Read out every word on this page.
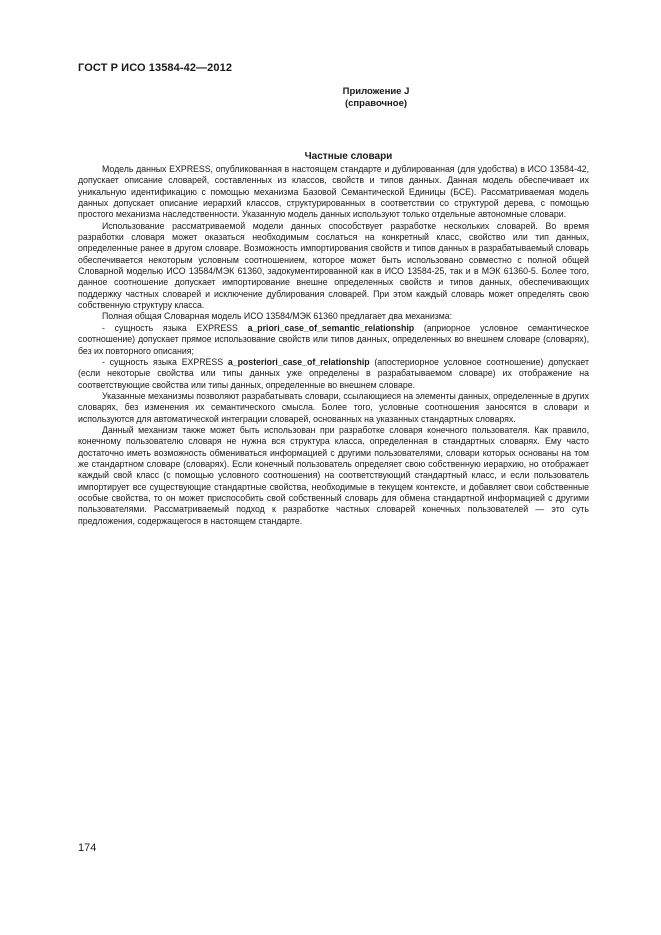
ГОСТ Р ИСО 13584-42—2012

Приложение J
(справочное)

Частные словари

Модель данных EXPRESS, опубликованная в настоящем стандарте и дублированная (для удобства) в ИСО 13584-42, допускает описание словарей, составленных из классов, свойств и типов данных. Данная модель обеспечивает их уникальную идентификацию с помощью механизма Базовой Семантической Единицы (БСЕ). Рассматриваемая модель данных допускает описание иерархий классов, структурированных в соответствии со структурой дерева, с помощью простого механизма наследственности. Указанную модель данных используют только отдельные автономные словари.

Использование рассматриваемой модели данных способствует разработке нескольких словарей. Во время разработки словаря может оказаться необходимым сослаться на конкретный класс, свойство или тип данных, определенные ранее в другом словаре. Возможность импортирования свойств и типов данных в разрабатываемый словарь обеспечивается некоторым условным соотношением, которое может быть использовано совместно с полной общей Словарной моделью ИСО 13584/МЭК 61360, задокументированной как в ИСО 13584-25, так и в МЭК 61360-5. Более того, данное соотношение допускает импортирование внешне определенных свойств и типов данных, обеспечивающих поддержку частных словарей и исключение дублирования словарей. При этом каждый словарь может определять свою собственную структуру класса.

Полная общая Словарная модель ИСО 13584/МЭК 61360 предлагает два механизма:

- сущность языка EXPRESS a_priori_case_of_semantic_relationship (априорное условное семантическое соотношение) допускает прямое использование свойств или типов данных, определенных во внешнем словаре (словарях), без их повторного описания;

- сущность языка EXPRESS a_posteriori_case_of_relationship (апостериорное условное соотношение) допускает (если некоторые свойства или типы данных уже определены в разрабатываемом словаре) их отображение на соответствующие свойства или типы данных, определенные во внешнем словаре.

Указанные механизмы позволяют разрабатывать словари, ссылающиеся на элементы данных, определенные в других словарях, без изменения их семантического смысла. Более того, условные соотношения заносятся в словари и используются для автоматической интеграции словарей, основанных на указанных стандартных словарях.

Данный механизм также может быть использован при разработке словаря конечного пользователя. Как правило, конечному пользователю словаря не нужна вся структура класса, определенная в стандартных словарях. Ему часто достаточно иметь возможность обмениваться информацией с другими пользователями, словари которых основаны на том же стандартном словаре (словарях). Если конечный пользователь определяет свою собственную иерархию, но отображает каждый свой класс (с помощью условного соотношения) на соответствующий стандартный класс, и если пользователь импортирует все существующие стандартные свойства, необходимые в текущем контексте, и добавляет свои собственные особые свойства, то он может приспособить свой собственный словарь для обмена стандартной информацией с другими пользователями. Рассматриваемый подход к разработке частных словарей конечных пользователей — это суть предложения, содержащегося в настоящем стандарте.

174
